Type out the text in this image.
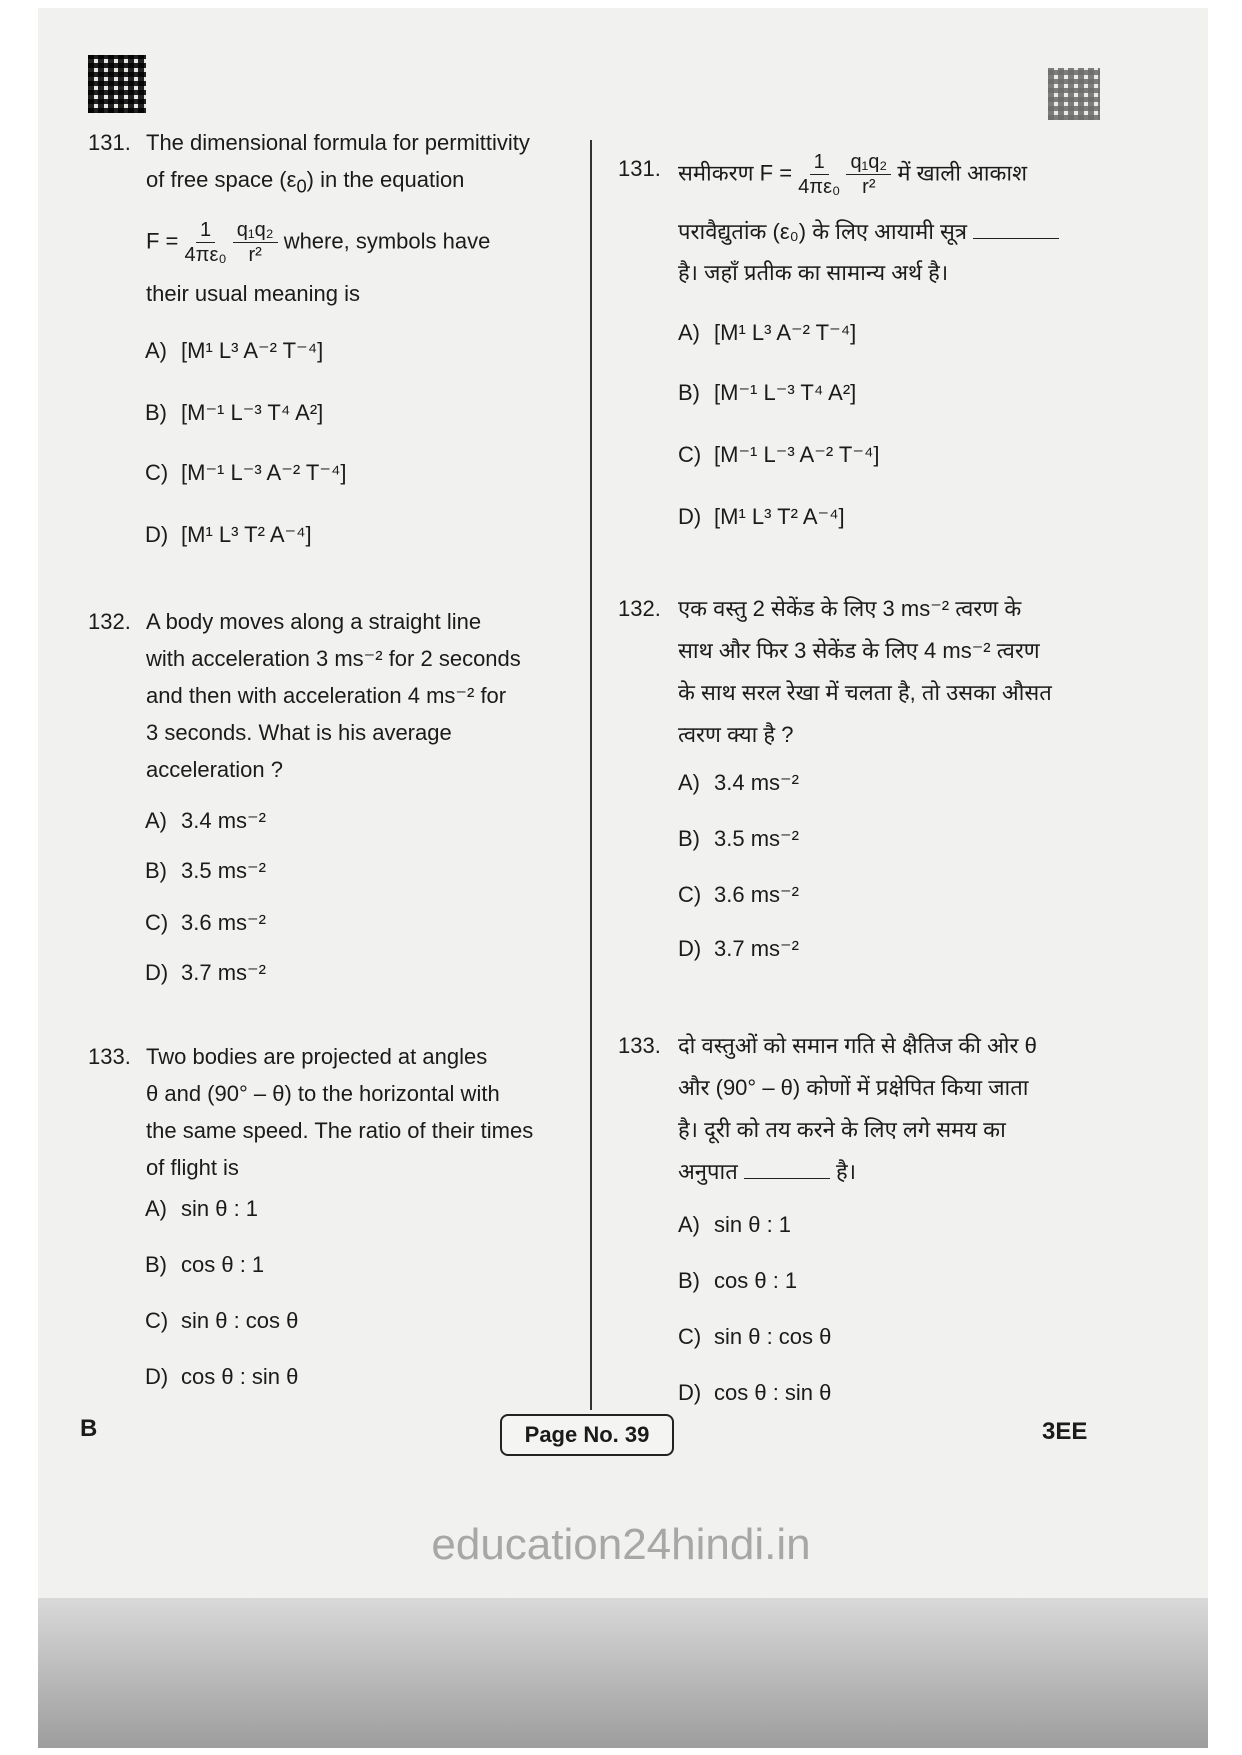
131. The dimensional formula for permittivity
of free space $(\varepsilon_0)$ in the equation
$F = \frac{1}{\text{4πε₀}}$
$\frac{\text{q₁q₂}}{\text{r²}}$ where, symbols have
their usual meaning is
A) [M¹ L³ A⁻² T⁻⁴]
B) [M⁻¹ L⁻³ T⁴ A²]
C) [M⁻¹ L⁻³ A⁻² T⁻⁴]
D) [M¹ L³ T² A⁻⁴]
132. A body moves along a straight line
with acceleration 3 ms⁻² for 2 seconds
and then with acceleration 4 ms⁻² for
3 seconds. What is his average
acceleration ?
A) 3.4 ms⁻²
B) 3.5 ms⁻²
C) 3.6 ms⁻²
D) 3.7 ms⁻²
133. Two bodies are projected at angles
θ and (90° – θ) to the horizontal with
the same speed. The ratio of their times
of flight is
A) sin θ : 1
B) cos θ : 1
C) sin θ : cos θ
D) cos θ : sin θ
131. समीकरण $F = \frac{1}{\text{4πε₀}}$
$\frac{\text{q₁q₂}}{\text{r²}}$ में खाली आकाश
परावैद्युतांक (ε₀) के लिए आयामी सूत्र
है। जहाँ प्रतीक का सामान्य अर्थ है।
A) [M¹ L³ A⁻² T⁻⁴]
B) [M⁻¹ L⁻³ T⁴ A²]
C) [M⁻¹ L⁻³ A⁻² T⁻⁴]
D) [M¹ L³ T² A⁻⁴]
132. एक वस्तु 2 सेकेंड के लिए 3 ms⁻² त्वरण के
साथ और फिर 3 सेकेंड के लिए 4 ms⁻² त्वरण
के साथ सरल रेखा में चलता है, तो उसका औसत
त्वरण क्या है ?
A) 3.4 ms⁻²
B) 3.5 ms⁻²
C) 3.6 ms⁻²
D) 3.7 ms⁻²
133. दो वस्तुओं को समान गति से क्षैतिज की ओर θ
और (90° – θ) कोणों में प्रक्षेपित किया जाता
है। दूरी को तय करने के लिए लगे समय का
अनुपात	है।
A) sin θ : 1
B) cos θ : 1
C) sin θ : cos θ
D) cos θ : sin θ
B	Page No. 39	3EE
education24hindi.in
